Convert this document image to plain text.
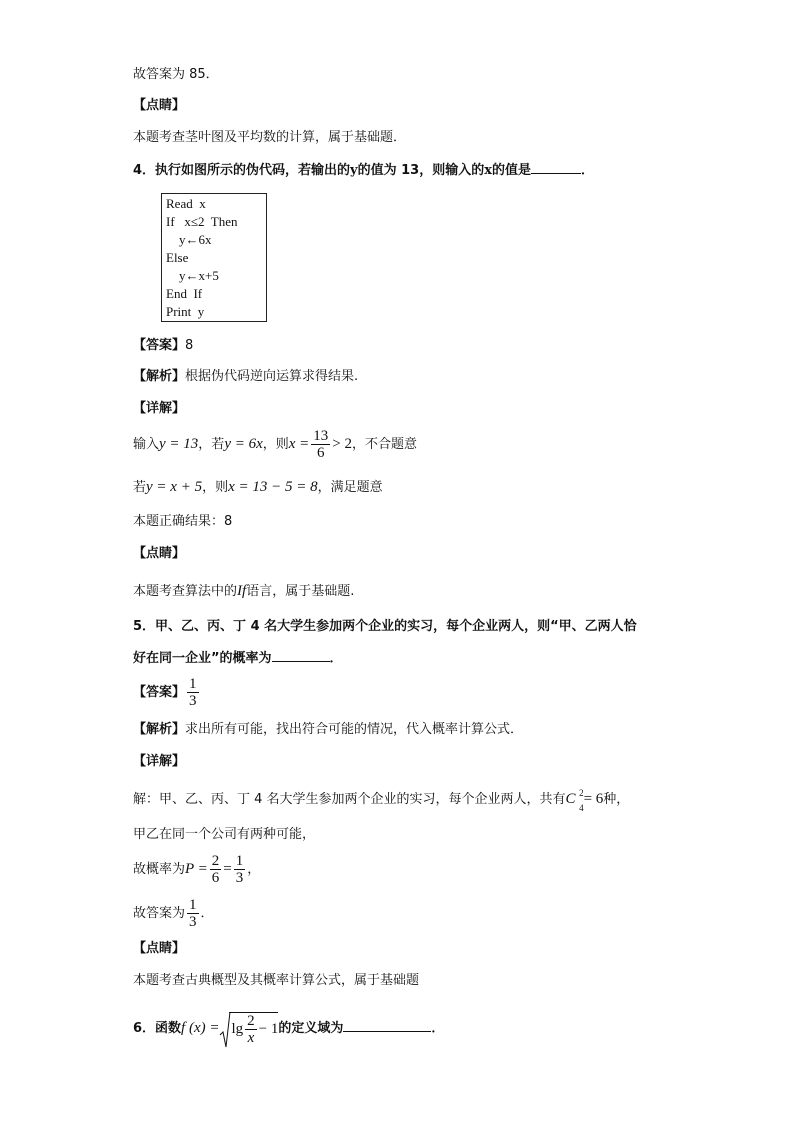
故答案为 85．
【点睛】
本题考查茎叶图及平均数的计算，属于基础题．
4．执行如图所示的伪代码，若输出的y的值为 13，则输入的x的值是	．
Read  x
If   x≤2  Then
y←6x
Else
y←x+5
End  If
Print  y
【答案】8
【解析】根据伪代码逆向运算求得结果.
【详解】
输入y = 13，若y = 6x，则$x = \frac{13}{6} > 2$，不合题意
若y = x + 5，则x = 13 − 5 = 8，满足题意
本题正确结果：8
【点睛】
本题考查算法中的If语言，属于基础题.
5．甲、乙、丙、丁 4 名大学生参加两个企业的实习，每个企业两人，则“甲、乙两人恰
好在同一企业”的概率为	．
【答案】 $\frac{1}{3}$
【解析】求出所有可能，找出符合可能的情况，代入概率计算公式．
【详解】
解：甲、乙、丙、丁 4 名大学生参加两个企业的实习，每个企业两人，共有C 2
4
= 6种，
甲乙在同一个公司有两种可能，
故概率为$P = \frac{2}{6} = \frac{1}{3}$ ，
故答案为 $\frac{1}{3}$ ．
【点睛】
本题考查古典概型及其概率计算公式，属于基础题
6．函数f $(x) = \lg \frac{2}{x} - 1$的定义域为	．
